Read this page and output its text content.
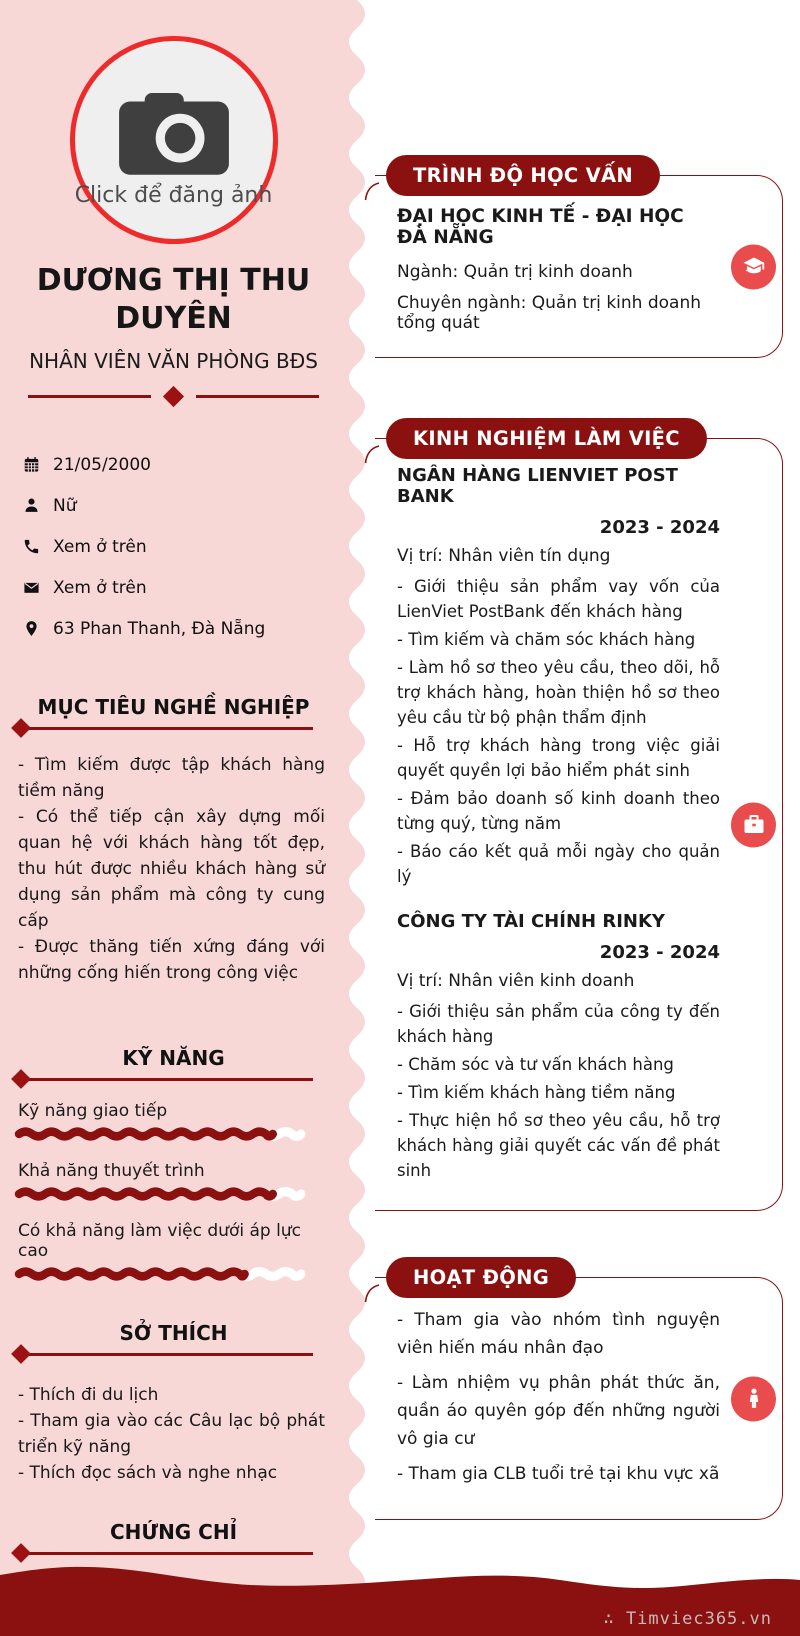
Click để đăng ảnh
DƯƠNG THỊ THU DUYÊN
NHÂN VIÊN VĂN PHÒNG BĐS
21/05/2000
Nữ
Xem ở trên
Xem ở trên
63 Phan Thanh, Đà Nẵng
MỤC TIÊU NGHỀ NGHIỆP

- Tìm kiếm được tập khách hàng tiềm năng

- Có thể tiếp cận xây dựng mối quan hệ với khách hàng tốt đẹp, thu hút được nhiều khách hàng sử dụng sản phẩm mà công ty cung cấp

- Được thăng tiến xứng đáng với những cống hiến trong công việc

KỸ NĂNG
Kỹ năng giao tiếp
Khả năng thuyết trình
Có khả năng làm việc dưới áp lực cao
SỞ THÍCH

- Thích đi du lịch

- Tham gia vào các Câu lạc bộ phát triển kỹ năng

- Thích đọc sách và nghe nhạc

CHỨNG CHỈ

TRÌNH ĐỘ HỌC VẤN
ĐẠI HỌC KINH TẾ - ĐẠI HỌC ĐÀ NẴNG
Ngành: Quản trị kinh doanh
Chuyên ngành: Quản trị kinh doanh tổng quát
KINH NGHIỆM LÀM VIỆC
NGÂN HÀNG LIENVIET POST BANK
2023 - 2024
Vị trí: Nhân viên tín dụng
- Giới thiệu sản phẩm vay vốn của LienViet PostBank đến khách hàng
- Tìm kiếm và chăm sóc khách hàng
- Làm hồ sơ theo yêu cầu, theo dõi, hỗ trợ khách hàng, hoàn thiện hồ sơ theo yêu cầu từ bộ phận thẩm định
- Hỗ trợ khách hàng trong việc giải quyết quyền lợi bảo hiểm phát sinh
- Đảm bảo doanh số kinh doanh theo từng quý, từng năm
- Báo cáo kết quả mỗi ngày cho quản lý
CÔNG TY TÀI CHÍNH RINKY
2023 - 2024
Vị trí: Nhân viên kinh doanh
- Giới thiệu sản phẩm của công ty đến khách hàng
- Chăm sóc và tư vấn khách hàng
- Tìm kiếm khách hàng tiềm năng
- Thực hiện hồ sơ theo yêu cầu, hỗ trợ khách hàng giải quyết các vấn đề phát sinh
HOẠT ĐỘNG
- Tham gia vào nhóm tình nguyện viên hiến máu nhân đạo
- Làm nhiệm vụ phân phát thức ăn, quần áo quyên góp đến những người vô gia cư
- Tham gia CLB tuổi trẻ tại khu vực xã
∴ Timviec365.vn
